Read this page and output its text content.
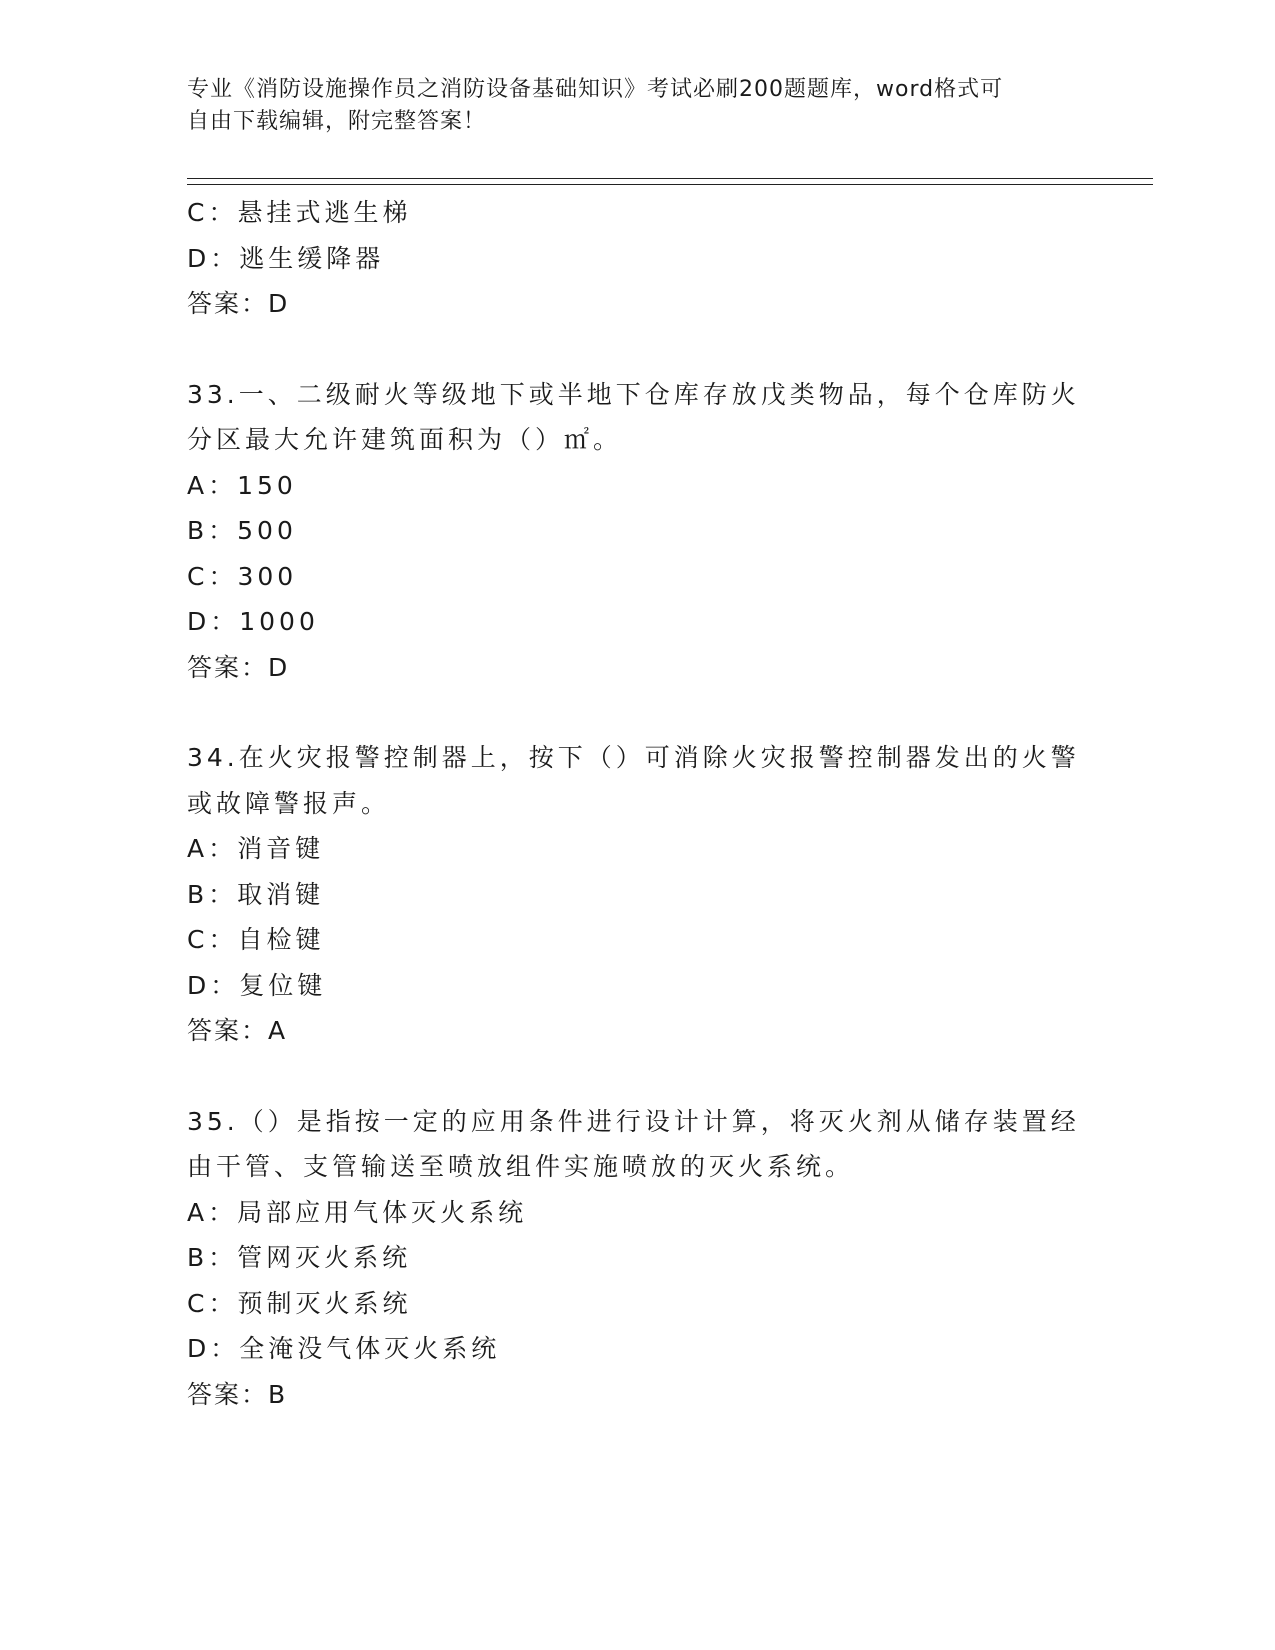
专业《消防设施操作员之消防设备基础知识》考试必刷200题题库，word格式可
自由下载编辑，附完整答案！
C：悬挂式逃生梯
D：逃生缓降器
答案：D
33.一、二级耐火等级地下或半地下仓库存放戊类物品，每个仓库防火
分区最大允许建筑面积为（）㎡。
A：150
B：500
C：300
D：1000
答案：D
34.在火灾报警控制器上，按下（）可消除火灾报警控制器发出的火警
或故障警报声。
A：消音键
B：取消键
C：自检键
D：复位键
答案：A
35.（）是指按一定的应用条件进行设计计算，将灭火剂从储存装置经
由干管、支管输送至喷放组件实施喷放的灭火系统。
A：局部应用气体灭火系统
B：管网灭火系统
C：预制灭火系统
D：全淹没气体灭火系统
答案：B
